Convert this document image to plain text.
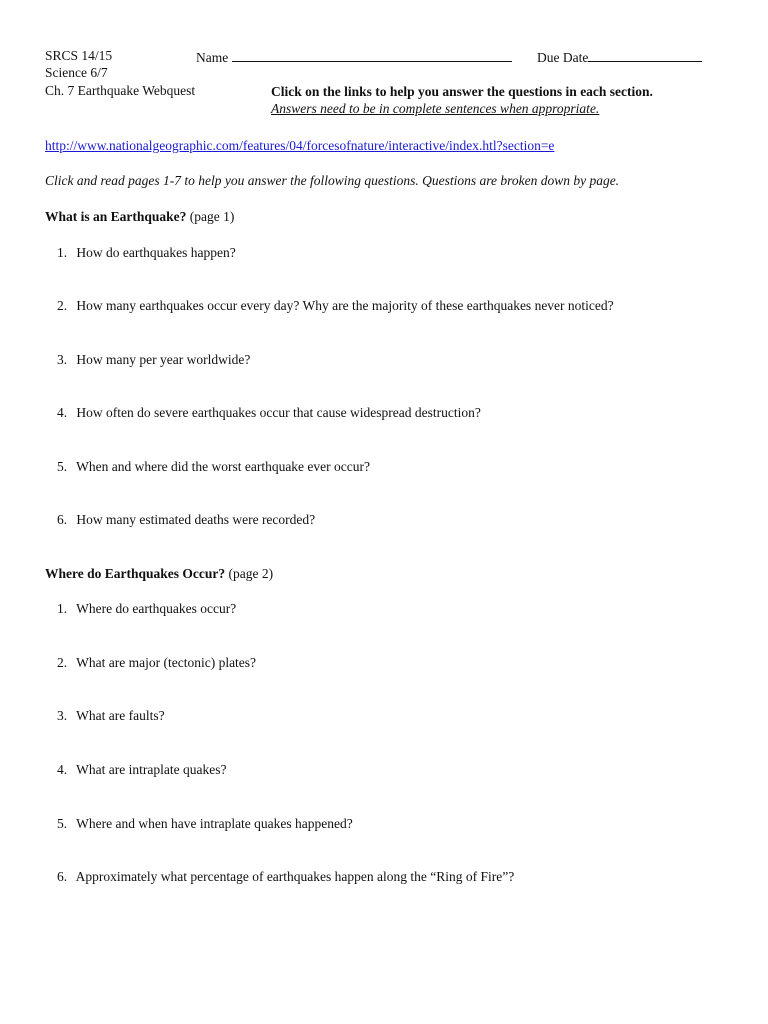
SRCS 14/15
Science 6/7
Ch. 7 Earthquake Webquest
Name	Due Date
Click on the links to help you answer the questions in each section.
Answers need to be in complete sentences when appropriate.
http://www.nationalgeographic.com/features/04/forcesofnature/interactive/index.htl?section=e
Click and read pages 1-7 to help you answer the following questions. Questions are broken down by page.
What is an Earthquake? (page 1)
1. How do earthquakes happen?
2. How many earthquakes occur every day? Why are the majority of these earthquakes never noticed?
3. How many per year worldwide?
4. How often do severe earthquakes occur that cause widespread destruction?
5. When and where did the worst earthquake ever occur?
6. How many estimated deaths were recorded?
Where do Earthquakes Occur? (page 2)
1. Where do earthquakes occur?
2. What are major (tectonic) plates?
3. What are faults?
4. What are intraplate quakes?
5. Where and when have intraplate quakes happened?
6. Approximately what percentage of earthquakes happen along the “Ring of Fire”?
